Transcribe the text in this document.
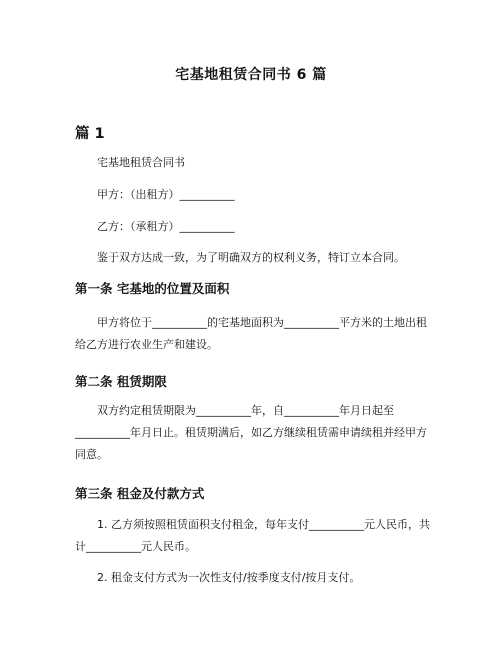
宅基地租赁合同书 6 篇
篇 1
宅基地租赁合同书
甲方：（出租方）__________
乙方：（承租方）__________
鉴于双方达成一致，为了明确双方的权利义务，特订立本合同。
第一条 宅基地的位置及面积
甲方将位于__________的宅基地面积为__________平方米的土地出租给乙方进行农业生产和建设。
第二条 租赁期限
双方约定租赁期限为__________年，自__________年月日起至__________年月日止。租赁期满后，如乙方继续租赁需申请续租并经甲方同意。
第三条 租金及付款方式
1. 乙方须按照租赁面积支付租金，每年支付__________元人民币，共计__________元人民币。
2. 租金支付方式为一次性支付/按季度支付/按月支付。
